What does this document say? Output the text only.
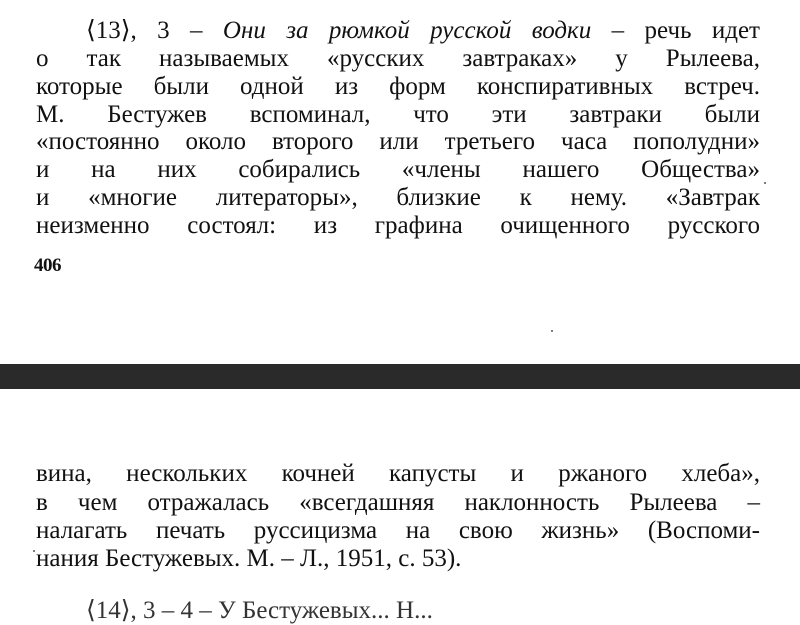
⟨13⟩, 3 – Они за рюмкой русской водки – речь идет
о так называемых «русских завтраках» у Рылеева,
которые были одной из форм конспиративных встреч.
М. Бестужев вспоминал, что эти завтраки были
«постоянно около второго или третьего часа пополудни»
и на них собирались «члены нашего Общества»
и «многие литераторы», близкие к нему. «Завтрак
неизменно состоял: из графина очищенного русского
406
вина, нескольких кочней капусты и ржаного хлеба»,
в чем отражалась «всегдашняя наклонность Рылеева –
налагать печать руссицизма на свою жизнь» (Воспоми-
нания Бестужевых. М. – Л., 1951, с. 53).
⟨14⟩, 3 – 4 – У Бестужевых... Н...
